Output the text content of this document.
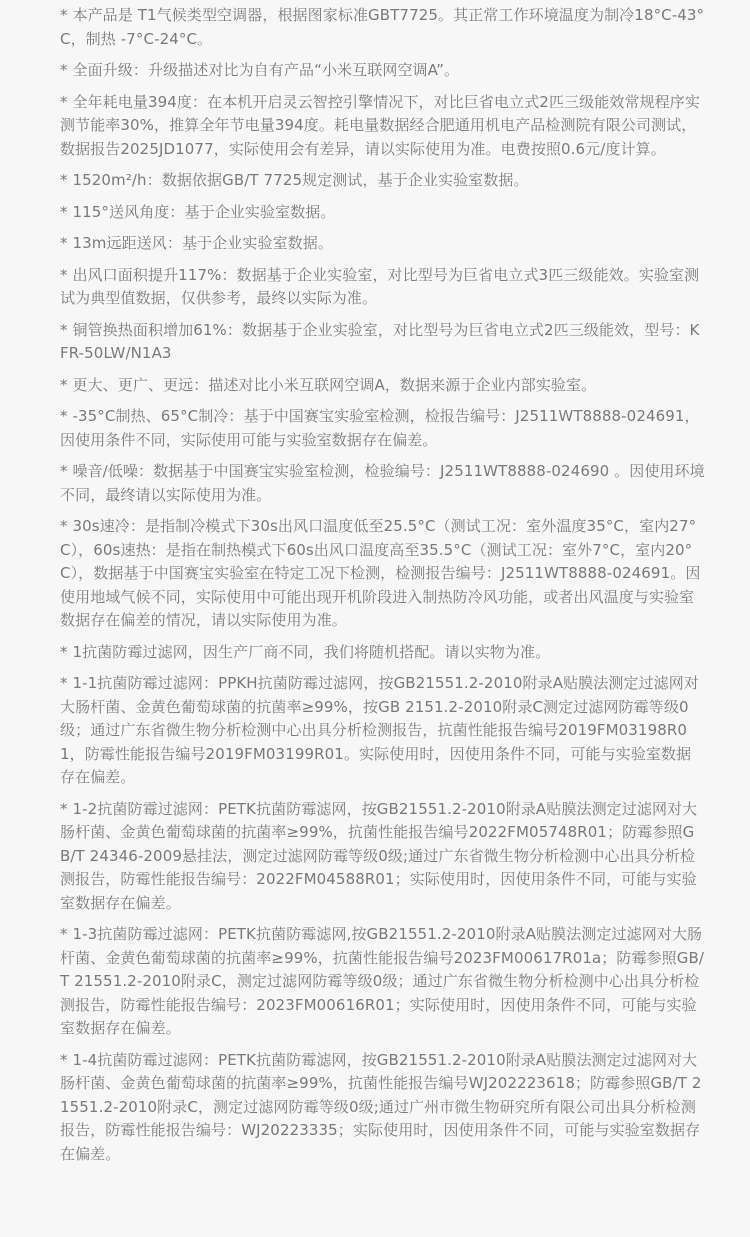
* 本产品是 T1气候类型空调器，根据图家标准GBT7725。其正常工作环境温度为制冷18°C-43°C，制热 -7°C-24°C。
* 全面升级：升级描述对比为自有产品“小米互联网空调A”。
* 全年耗电量394度：在本机开启灵云智控引擎情况下，对比巨省电立式2匹三级能效常规程序实测节能率30%，推算全年节电量394度。耗电量数据经合肥通用机电产品检测院有限公司测试，数据报告2025JD1077，实际使用会有差异，请以实际使用为准。电费按照0.6元/度计算。
* 1520m²/h：数据依据GB/T 7725规定测试，基于企业实验室数据。
* 115°送风角度：基于企业实验室数据。
* 13m远距送风：基于企业实验室数据。
* 出风口面积提升117%：数据基于企业实验室，对比型号为巨省电立式3匹三级能效。实验室测试为典型值数据，仅供参考，最终以实际为准。
* 铜管换热面积增加61%：数据基于企业实验室，对比型号为巨省电立式2匹三级能效，型号：KFR-50LW/N1A3
* 更大、更广、更远：描述对比小米互联网空调A，数据来源于企业内部实验室。
* -35°C制热、65°C制冷：基于中国赛宝实验室检测，检报告编号：J2511WT8888-024691，因使用条件不同，实际使用可能与实验室数据存在偏差。
* 噪音/低噪：数据基于中国赛宝实验室检测，检验编号：J2511WT8888-024690 。因使用环境不同，最终请以实际使用为准。
* 30s速冷：是指制冷模式下30s出风口温度低至25.5°C（测试工况：室外温度35°C，室内27°C），60s速热：是指在制热模式下60s出风口温度高至35.5°C（测试工况：室外7°C，室内20°C），数据基于中国赛宝实验室在特定工况下检测，检测报告编号：J2511WT8888-024691。因使用地域气候不同，实际使用中可能出现开机阶段进入制热防冷风功能，或者出风温度与实验室数据存在偏差的情况，请以实际使用为准。
* 1抗菌防霉过滤网，因生产厂商不同，我们将随机搭配。请以实物为准。
* 1-1抗菌防霉过滤网：PPKH抗菌防霉过滤网，按GB21551.2-2010附录A贴膜法测定过滤网对大肠杆菌、金黄色葡萄球菌的抗菌率≥99%，按GB 2151.2-2010附录C测定过滤网防霉等级0级；通过广东省微生物分析检测中心出具分析检测报告，抗菌性能报告编号2019FM03198R01，防霉性能报告编号2019FM03199R01。实际使用时，因使用条件不同，可能与实验室数据存在偏差。
* 1-2抗菌防霉过滤网：PETK抗菌防霉滤网，按GB21551.2-2010附录A贴膜法测定过滤网对大肠杆菌、金黄色葡萄球菌的抗菌率≥99%，抗菌性能报告编号2022FM05748R01；防霉参照GB/T 24346-2009悬挂法，测定过滤网防霉等级0级;通过广东省微生物分析检测中心出具分析检测报告，防霉性能报告编号：2022FM04588R01；实际使用时，因使用条件不同，可能与实验室数据存在偏差。
* 1-3抗菌防霉过滤网：PETK抗菌防霉滤网,按GB21551.2-2010附录A贴膜法测定过滤网对大肠杆菌、金黄色葡萄球菌的抗菌率≥99%，抗菌性能报告编号2023FM00617R01a；防霉参照GB/T 21551.2-2010附录C，测定过滤网防霉等级0级；通过广东省微生物分析检测中心出具分析检测报告，防霉性能报告编号：2023FM00616R01；实际使用时，因使用条件不同，可能与实验室数据存在偏差。
* 1-4抗菌防霉过滤网：PETK抗菌防霉滤网，按GB21551.2-2010附录A贴膜法测定过滤网对大肠杆菌、金黄色葡萄球菌的抗菌率≥99%，抗菌性能报告编号WJ202223618；防霉参照GB/T 21551.2-2010附录C，测定过滤网防霉等级0级;通过广州市微生物研究所有限公司出具分析检测报告，防霉性能报告编号：WJ20223335；实际使用时，因使用条件不同，可能与实验室数据存在偏差。
